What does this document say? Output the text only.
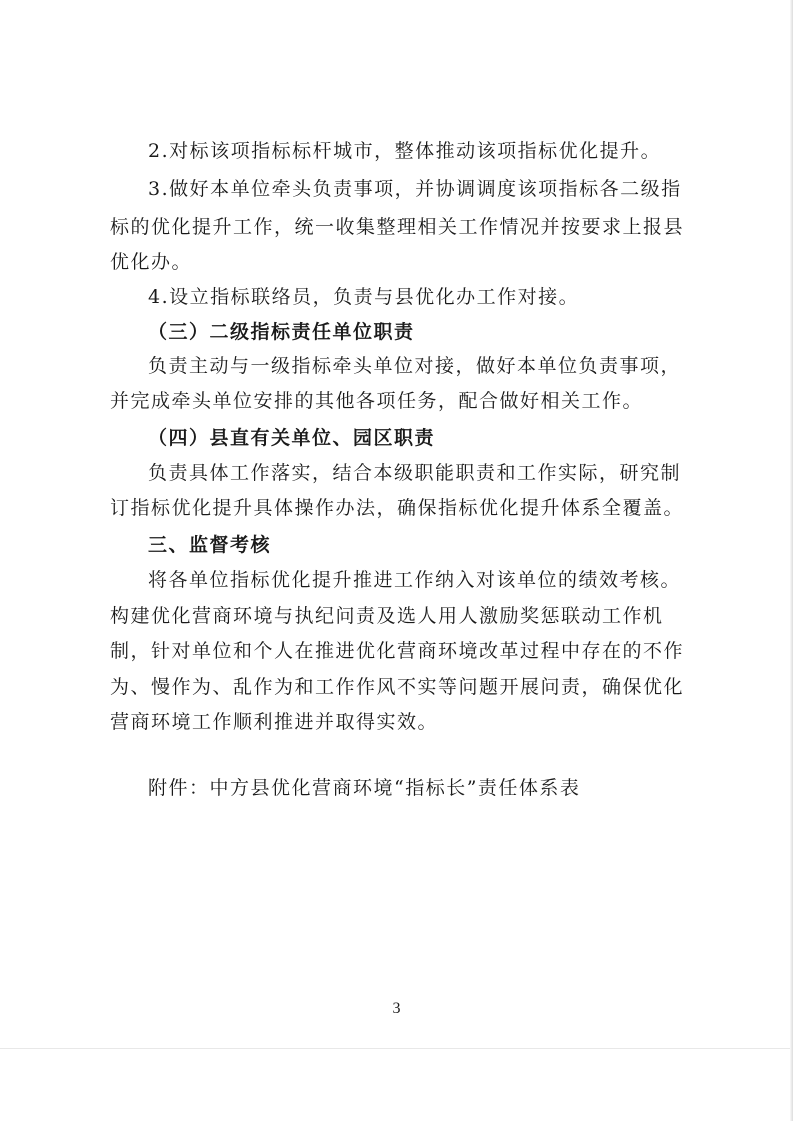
2.对标该项指标标杆城市，整体推动该项指标优化提升。
3.做好本单位牵头负责事项，并协调调度该项指标各二级指
标的优化提升工作，统一收集整理相关工作情况并按要求上报县
优化办。
4.设立指标联络员，负责与县优化办工作对接。
（三）二级指标责任单位职责
负责主动与一级指标牵头单位对接，做好本单位负责事项，
并完成牵头单位安排的其他各项任务，配合做好相关工作。
（四）县直有关单位、园区职责
负责具体工作落实，结合本级职能职责和工作实际，研究制
订指标优化提升具体操作办法，确保指标优化提升体系全覆盖。
三、监督考核
将各单位指标优化提升推进工作纳入对该单位的绩效考核。
构建优化营商环境与执纪问责及选人用人激励奖惩联动工作机
制，针对单位和个人在推进优化营商环境改革过程中存在的不作
为、慢作为、乱作为和工作作风不实等问题开展问责，确保优化
营商环境工作顺利推进并取得实效。
附件：中方县优化营商环境“指标长”责任体系表
3
